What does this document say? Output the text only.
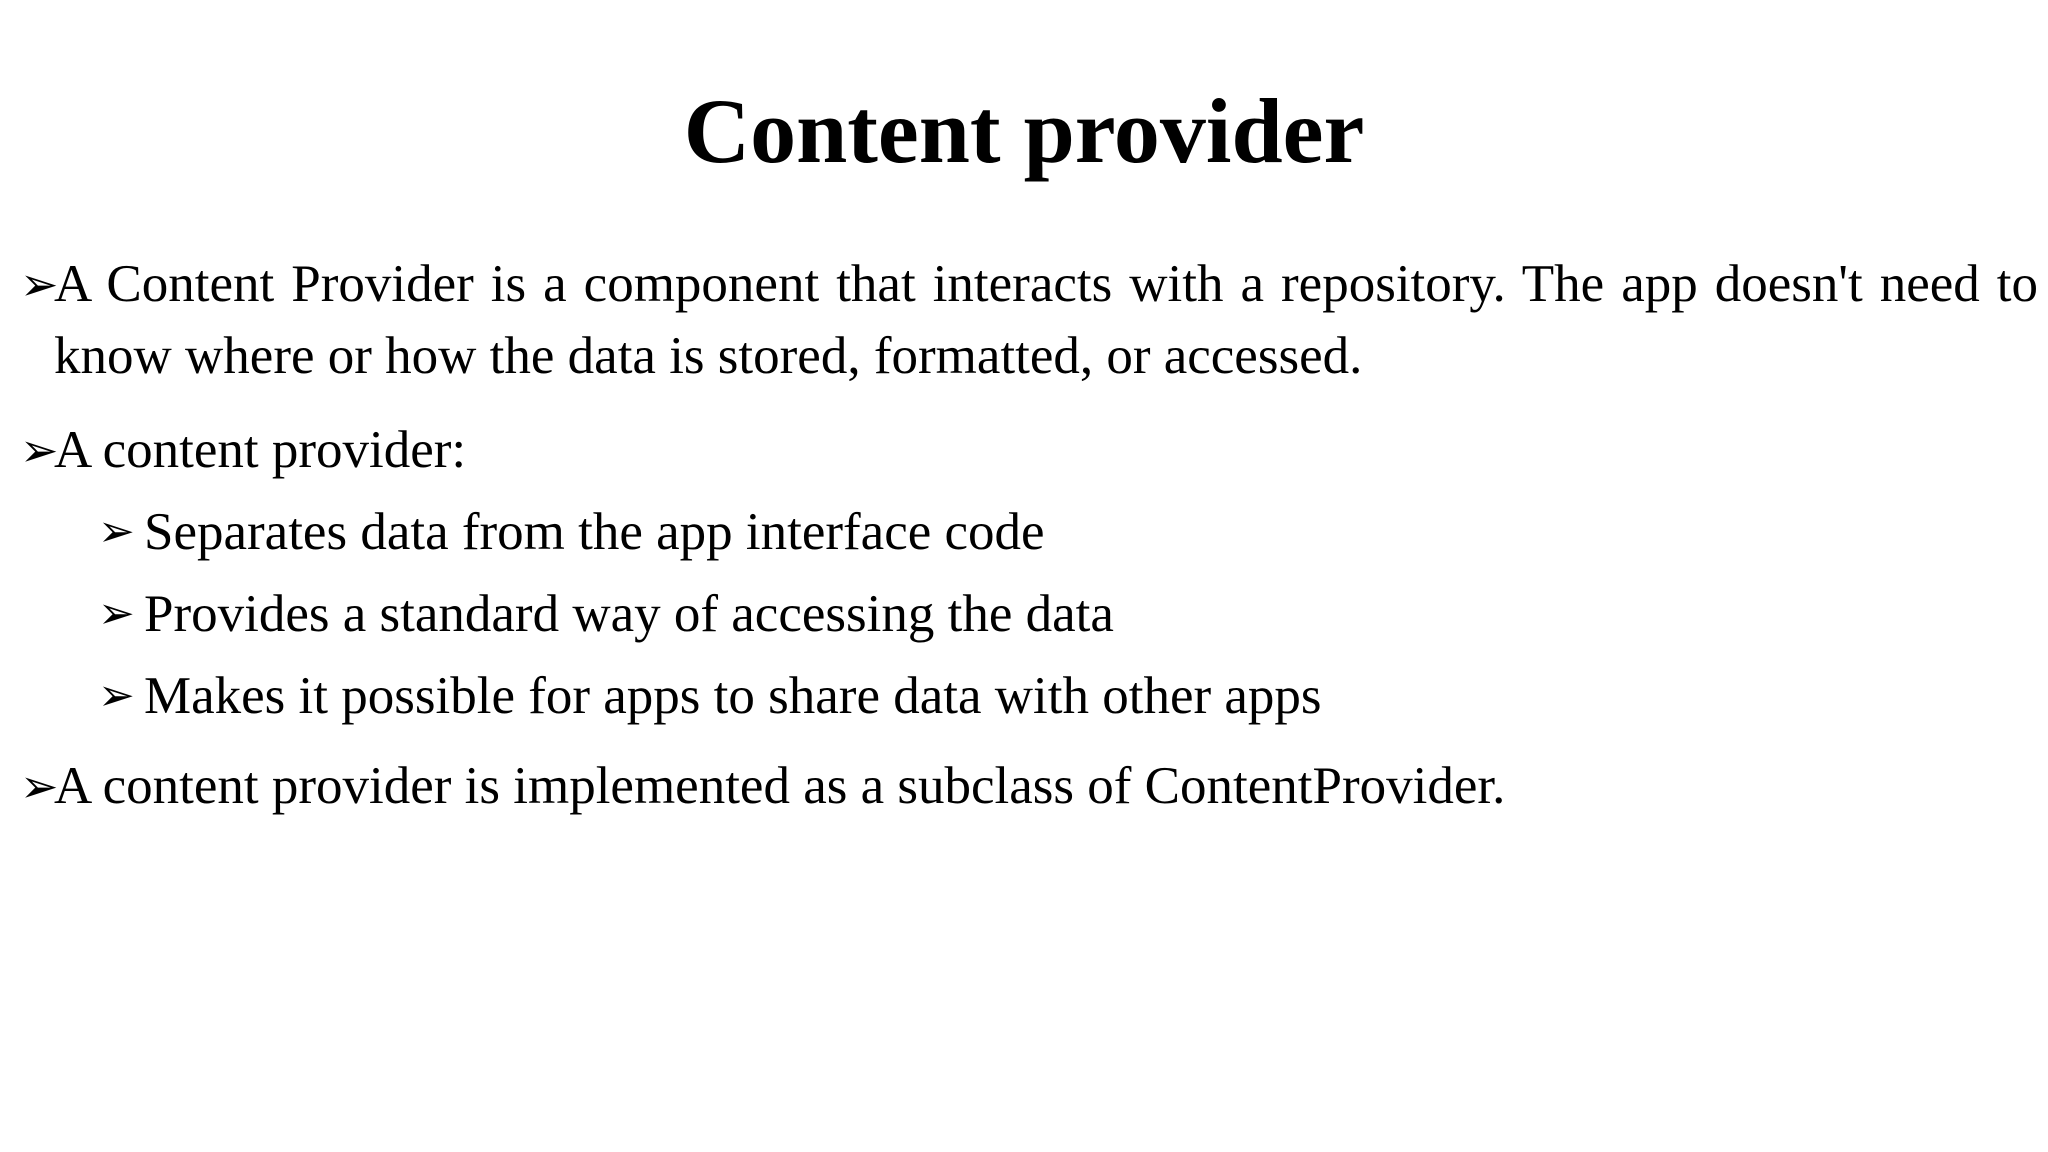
Content provider
➢
A Content Provider is a component that interacts with a repository. The app doesn't need to know where or how the data is stored, formatted, or accessed.
➢
A content provider:
➢ Separates data from the app interface code
➢ Provides a standard way of accessing the data
➢ Makes it possible for apps to share data with other apps
➢
A content provider is implemented as a subclass of ContentProvider.
